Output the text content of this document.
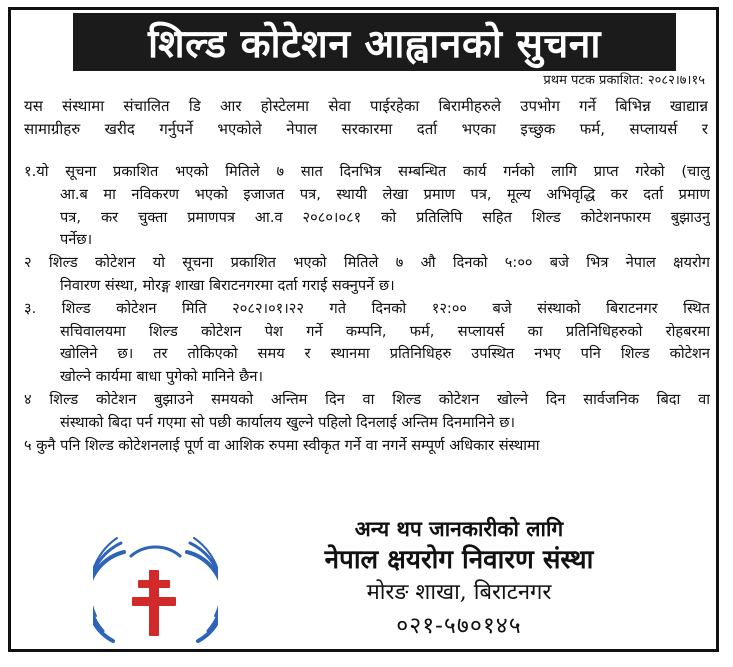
शिल्ड कोटेशन आह्वानको सुचना
प्रथम पटक प्रकाशित: २०८२।७।१५
यस संस्थामा संचालित डि आर होस्टेलमा सेवा पाईरहेका बिरामीहरुले उपभोग गर्ने बिभिन्न खाद्यान्न
सामाग्रीहरु खरीद गर्नुपर्ने भएकोले नेपाल सरकारमा दर्ता भएका इच्छुक फर्म, सप्लायर्स र
१.यो सूचना प्रकाशित भएको मितिले ७ सात दिनभित्र सम्बन्धित कार्य गर्नको लागि प्राप्त गरेको (चालु
आ.ब मा नविकरण भएको इजाजत पत्र, स्थायी लेखा प्रमाण पत्र, मूल्य अभिवृद्धि कर दर्ता प्रमाण
पत्र, कर चुक्ता प्रमाणपत्र आ.व २०८०।०८१ को प्रतिलिपि सहित शिल्ड कोटेशनफारम बुझाउनु
पर्नेछ।
२ शिल्ड कोटेशन यो सूचना प्रकाशित भएको मितिले ७ औ दिनको ५:०० बजे भित्र नेपाल क्षयरोग
निवारण संस्था, मोरङ्ग शाखा बिराटनगरमा दर्ता गराई सक्नुपर्ने छ।
३. शिल्ड कोटेशन मिति २०८२।०१।२२ गते दिनको १२:०० बजे संस्थाको बिराटनगर स्थित
सचिवालयमा शिल्ड कोटेशन पेश गर्ने कम्पनि, फर्म, सप्लायर्स का प्रतिनिधिहरुको रोहबरमा
खोलिने छ। तर तोकिएको समय र स्थानमा प्रतिनिधिहरु उपस्थित नभए पनि शिल्ड कोटेशन
खोल्ने कार्यमा बाधा पुगेको मानिने छैन।
४ शिल्ड कोटेशन बुझाउने समयको अन्तिम दिन वा शिल्ड कोटेशन खोल्ने दिन सार्वजनिक बिदा वा
संस्थाको बिदा पर्न गएमा सो पछी कार्यालय खुल्ने पहिलो दिनलाई अन्तिम दिनमानिने छ।
५ कुनै पनि शिल्ड कोटेशनलाई पूर्ण वा आशिक रुपमा स्वीकृत गर्ने वा नगर्ने सम्पूर्ण अधिकार संस्थामा
अन्य थप जानकारीको लागि
नेपाल क्षयरोग निवारण संस्था
मोरङ शाखा, बिराटनगर
०२१-५७०१४५
